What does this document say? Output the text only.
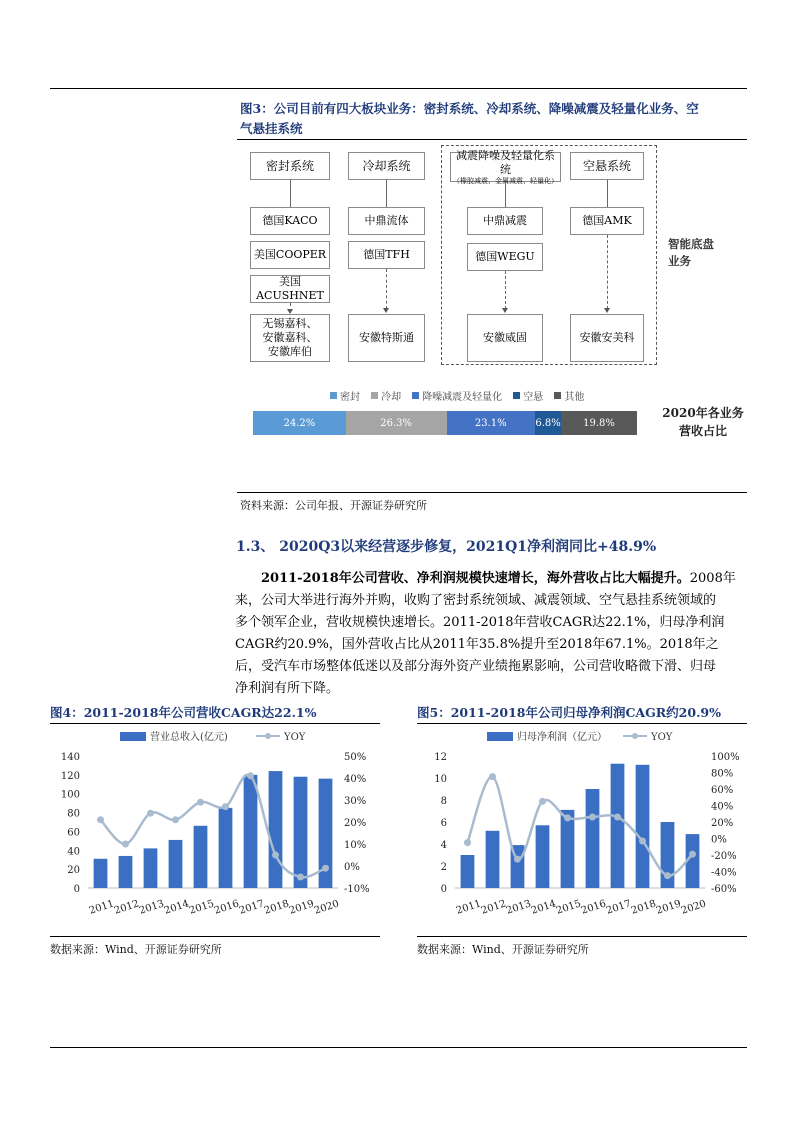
图3：公司目前有四大板块业务：密封系统、冷却系统、降噪减震及轻量化业务、空
气悬挂系统
密封系统	冷却系统
减震降噪及轻量化系统
（橡胶减震、金属减震、轻量化）
空悬系统
德国KACO
美国COOPER
美国ACUSHNET
无锡嘉科、
安徽嘉科、
安徽库伯
中鼎流体
德国TFH
安徽特斯通
中鼎减震
德国WEGU
安徽威固
德国AMK
安徽安美科
智能底盘
业务
密封
冷却
降噪减震及轻量化
空悬
其他
24.2%	26.3%	23.1%	6.8%	19.8%
2020年各业务
营收占比
资料来源：公司年报、开源证券研究所
1.3、 2020Q3以来经营逐步修复，2021Q1净利润同比+48.9%
2011-2018年公司营收、净利润规模快速增长，海外营收占比大幅提升。2008年
来，公司大举进行海外并购，收购了密封系统领域、减震领域、空气悬挂系统领域的
多个领军企业，营收规模快速增长。2011-2018年营收CAGR达22.1%，归母净利润
CAGR约20.9%，国外营收占比从2011年35.8%提升至2018年67.1%。2018年之
后，受汽车市场整体低迷以及部分海外资产业绩拖累影响，公司营收略微下滑、归母
净利润有所下降。
图4：2011-2018年公司营收CAGR达22.1%
营业总收入(亿元)	YOY
0
20
40
60
80
100
120
140
-10%
0%
10%
20%
30%
40%
50%
2011
2012
2013
2014
2015
2016
2017
2018
2019
2020
数据来源：Wind、开源证券研究所
图5：2011-2018年公司归母净利润CAGR约20.9%
归母净利润（亿元）	YOY
0
2
4
6
8
10
12
-60%
-40%
-20%
0%
20%
40%
60%
80%
100%
2011
2012
2013
2014
2015
2016
2017
2018
2019
2020
数据来源：Wind、开源证券研究所
